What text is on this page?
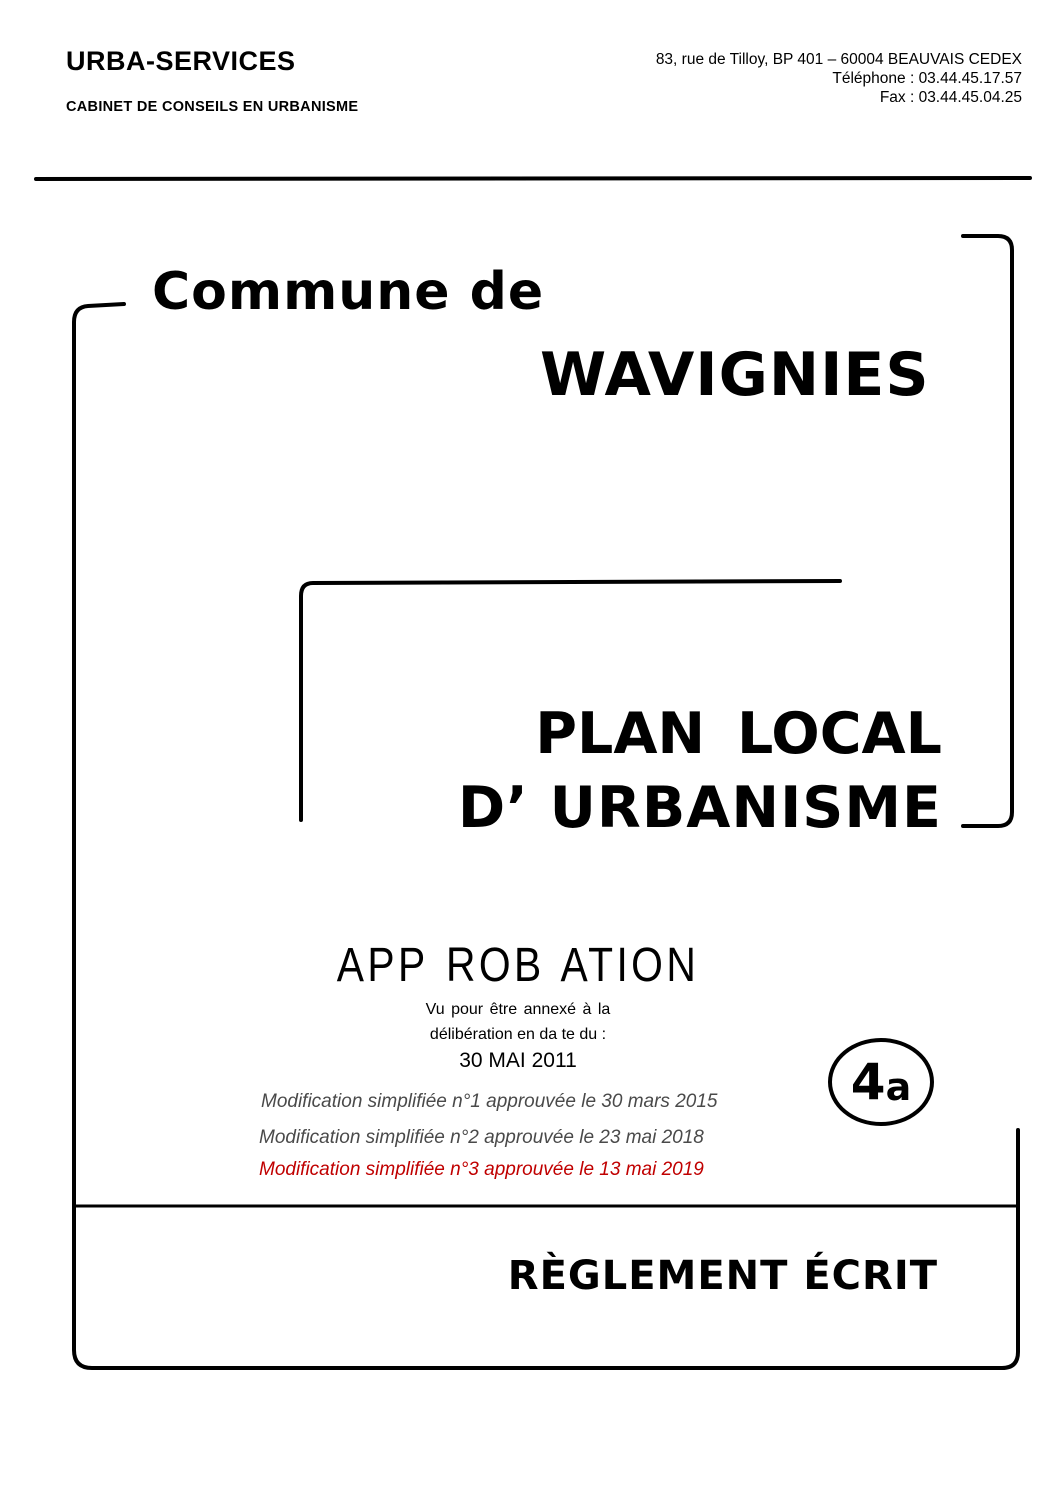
URBA-SERVICES
CABINET DE CONSEILS EN URBANISME
83, rue de Tilloy, BP 401 – 60004 BEAUVAIS CEDEX
Téléphone : 03.44.45.17.57
Fax : 03.44.45.04.25
Commune de
WAVIGNIES
PLAN LOCAL
D’ URBANISME
APP ROB ATION
Vu pour être annexé à la
délibération en da te du :
30 MAI 2011
Modification simplifiée n°1 approuvée le 30 mars 2015
Modification simplifiée n°2 approuvée le 23 mai 2018
Modification simplifiée n°3 approuvée le 13 mai 2019
4 a
RÈGLEMENT ÉCRIT
